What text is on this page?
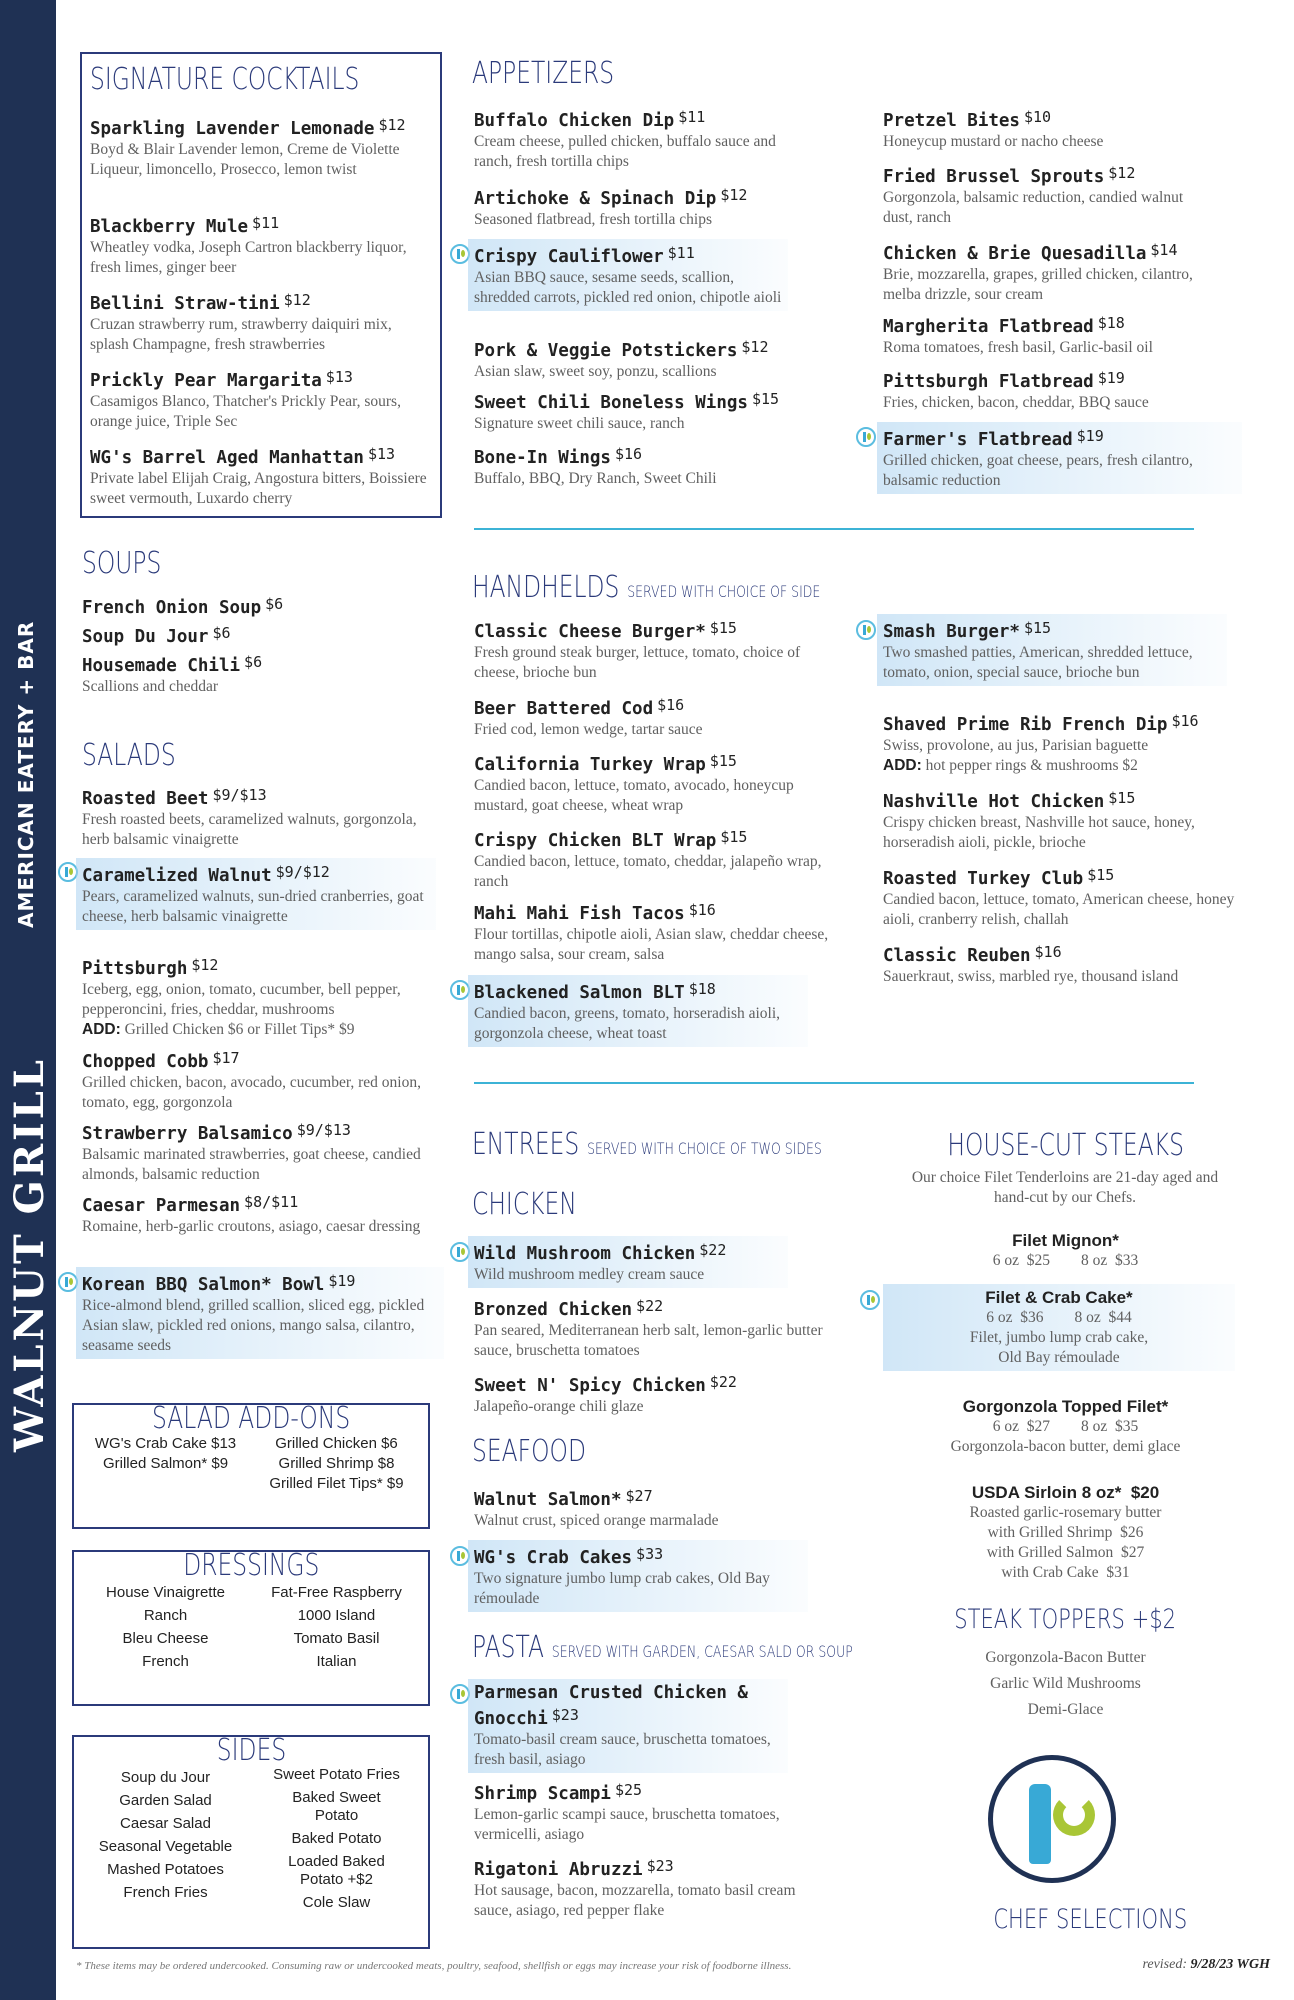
WALNUT GRILL
AMERICAN EATERY + BAR
SIGNATURE COCKTAILS
Sparkling Lavender Lemonade $12
Boyd & Blair Lavender lemon, Creme de Violette Liqueur, limoncello, Prosecco, lemon twist
Blackberry Mule $11
Wheatley vodka, Joseph Cartron blackberry liquor, fresh limes, ginger beer
Bellini Straw-tini $12
Cruzan strawberry rum, strawberry daiquiri mix, splash Champagne, fresh strawberries
Prickly Pear Margarita $13
Casamigos Blanco, Thatcher's Prickly Pear, sours, orange juice, Triple Sec
WG's Barrel Aged Manhattan $13
Private label Elijah Craig, Angostura bitters, Boissiere sweet vermouth, Luxardo cherry
SOUPS
French Onion Soup $6
Soup Du Jour $6
Housemade Chili $6
Scallions and cheddar
SALADS
Roasted Beet $9/$13
Fresh roasted beets, caramelized walnuts, gorgonzola, herb balsamic vinaigrette
Caramelized Walnut $9/$12
Pears, caramelized walnuts, sun-dried cranberries, goat cheese, herb balsamic vinaigrette
Pittsburgh $12
Iceberg, egg, onion, tomato, cucumber, bell pepper, pepperoncini, fries, cheddar, mushrooms
ADD: Grilled Chicken $6 or Fillet Tips* $9
Chopped Cobb $17
Grilled chicken, bacon, avocado, cucumber, red onion, tomato, egg, gorgonzola
Strawberry Balsamico $9/$13
Balsamic marinated strawberries, goat cheese, candied almonds, balsamic reduction
Caesar Parmesan $8/$11
Romaine, herb-garlic croutons, asiago, caesar dressing
Korean BBQ Salmon* Bowl $19
Rice-almond blend, grilled scallion, sliced egg, pickled Asian slaw, pickled red onions, mango salsa, cilantro, seasame seeds
SALAD ADD-ONS
WG's Crab Cake $13
Grilled Salmon* $9
Grilled Chicken $6
Grilled Shrimp $8
Grilled Filet Tips* $9
DRESSINGS
House Vinaigrette
Ranch
Bleu Cheese
French
Fat-Free Raspberry
1000 Island
Tomato Basil
Italian
SIDES
Soup du Jour
Garden Salad
Caesar Salad
Seasonal Vegetable
Mashed Potatoes
French Fries
Sweet Potato Fries
Baked Sweet Potato
Baked Potato
Loaded Baked Potato +$2
Cole Slaw
APPETIZERS
Buffalo Chicken Dip $11
Cream cheese, pulled chicken, buffalo sauce and ranch, fresh tortilla chips
Artichoke & Spinach Dip $12
Seasoned flatbread, fresh tortilla chips
Crispy Cauliflower $11
Asian BBQ sauce, sesame seeds, scallion, shredded carrots, pickled red onion, chipotle aioli
Pork & Veggie Potstickers $12
Asian slaw, sweet soy, ponzu, scallions
Sweet Chili Boneless Wings $15
Signature sweet chili sauce, ranch
Bone-In Wings $16
Buffalo, BBQ, Dry Ranch, Sweet Chili
Pretzel Bites $10
Honeycup mustard or nacho cheese
Fried Brussel Sprouts $12
Gorgonzola, balsamic reduction, candied walnut dust, ranch
Chicken & Brie Quesadilla $14
Brie, mozzarella, grapes, grilled chicken, cilantro, melba drizzle, sour cream
Margherita Flatbread $18
Roma tomatoes, fresh basil, Garlic-basil oil
Pittsburgh Flatbread $19
Fries, chicken, bacon, cheddar, BBQ sauce
Farmer's Flatbread $19
Grilled chicken, goat cheese, pears, fresh cilantro, balsamic reduction
HANDHELDS SERVED WITH CHOICE OF SIDE
Classic Cheese Burger* $15
Fresh ground steak burger, lettuce, tomato, choice of cheese, brioche bun
Beer Battered Cod $16
Fried cod, lemon wedge, tartar sauce
California Turkey Wrap $15
Candied bacon, lettuce, tomato, avocado, honeycup mustard, goat cheese, wheat wrap
Crispy Chicken BLT Wrap $15
Candied bacon, lettuce, tomato, cheddar, jalapeño wrap, ranch
Mahi Mahi Fish Tacos $16
Flour tortillas, chipotle aioli, Asian slaw, cheddar cheese, mango salsa, sour cream, salsa
Blackened Salmon BLT $18
Candied bacon, greens, tomato, horseradish aioli, gorgonzola cheese, wheat toast
Smash Burger* $15
Two smashed patties, American, shredded lettuce, tomato, onion, special sauce, brioche bun
Shaved Prime Rib French Dip $16
Swiss, provolone, au jus, Parisian baguette
ADD: hot pepper rings & mushrooms $2
Nashville Hot Chicken $15
Crispy chicken breast, Nashville hot sauce, honey, horseradish aioli, pickle, brioche
Roasted Turkey Club $15
Candied bacon, lettuce, tomato, American cheese, honey aioli, cranberry relish, challah
Classic Reuben $16
Sauerkraut, swiss, marbled rye, thousand island
ENTREES SERVED WITH CHOICE OF TWO SIDES
CHICKEN
Wild Mushroom Chicken $22
Wild mushroom medley cream sauce
Bronzed Chicken $22
Pan seared, Mediterranean herb salt, lemon-garlic butter sauce, bruschetta tomatoes
Sweet N' Spicy Chicken $22
Jalapeño-orange chili glaze
SEAFOOD
Walnut Salmon* $27
Walnut crust, spiced orange marmalade
WG's Crab Cakes $33
Two signature jumbo lump crab cakes, Old Bay rémoulade
PASTA SERVED WITH GARDEN, CAESAR SALD OR SOUP
Parmesan Crusted Chicken & Gnocchi $23
Tomato-basil cream sauce, bruschetta tomatoes, fresh basil, asiago
Shrimp Scampi $25
Lemon-garlic scampi sauce, bruschetta tomatoes, vermicelli, asiago
Rigatoni Abruzzi $23
Hot sausage, bacon, mozzarella, tomato basil cream sauce, asiago, red pepper flake
HOUSE-CUT STEAKS
Our choice Filet Tenderloins are 21-day aged and hand-cut by our Chefs.
Filet Mignon*
6 oz  $25        8 oz  $33
Filet & Crab Cake*
6 oz  $36        8 oz  $44
Filet, jumbo lump crab cake, Old Bay rémoulade
Gorgonzola Topped Filet*
6 oz  $27        8 oz  $35
Gorgonzola-bacon butter, demi glace
USDA Sirloin 8 oz*  $20
Roasted garlic-rosemary butter
with Grilled Shrimp  $26
with Grilled Salmon  $27
with Crab Cake  $31
STEAK TOPPERS +$2
Gorgonzola-Bacon Butter
Garlic Wild Mushrooms
Demi-Glace
CHEF SELECTIONS
* These items may be ordered undercooked. Consuming raw or undercooked meats, poultry, seafood, shellfish or eggs may increase your risk of foodborne illness.	revised: 9/28/23 WGH
